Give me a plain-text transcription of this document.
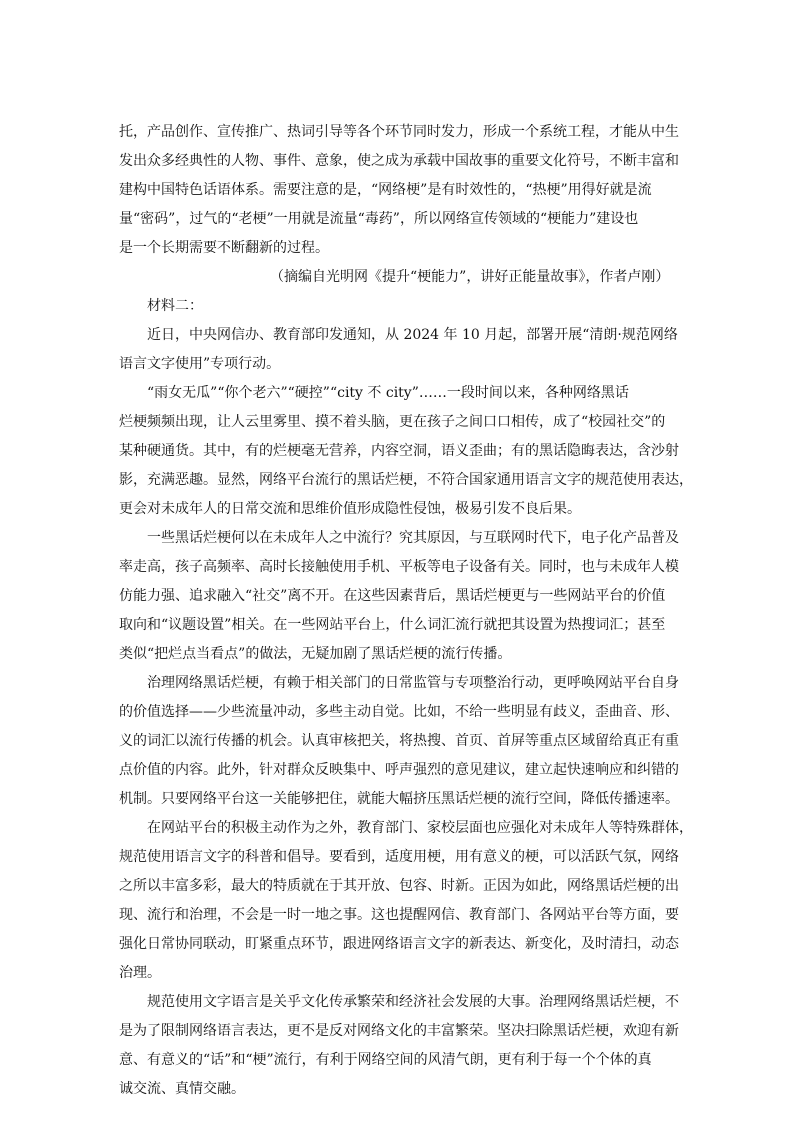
托，产品创作、宣传推广、热词引导等各个环节同时发力，形成一个系统工程，才能从中生
发出众多经典性的人物、事件、意象，使之成为承载中国故事的重要文化符号，不断丰富和
建构中国特色话语体系。需要注意的是，“网络梗”是有时效性的，“热梗”用得好就是流
量“密码”，过气的“老梗”一用就是流量“毒药”，所以网络宣传领域的“梗能力”建设也
是一个长期需要不断翻新的过程。
（摘编自光明网《提升“梗能力”，讲好正能量故事》，作者卢刚）
材料二：
近日，中央网信办、教育部印发通知，从 2024 年 10 月起，部署开展“清朗·规范网络
语言文字使用”专项行动。
“雨女无瓜”“你个老六”“硬控”“city 不 city”……一段时间以来，各种网络黑话
烂梗频频出现，让人云里雾里、摸不着头脑，更在孩子之间口口相传，成了“校园社交”的
某种硬通货。其中，有的烂梗毫无营养，内容空洞，语义歪曲；有的黑话隐晦表达，含沙射
影，充满恶趣。显然，网络平台流行的黑话烂梗，不符合国家通用语言文字的规范使用表达，
更会对未成年人的日常交流和思维价值形成隐性侵蚀，极易引发不良后果。
一些黑话烂梗何以在未成年人之中流行？究其原因，与互联网时代下，电子化产品普及
率走高，孩子高频率、高时长接触使用手机、平板等电子设备有关。同时，也与未成年人模
仿能力强、追求融入“社交”离不开。在这些因素背后，黑话烂梗更与一些网站平台的价值
取向和“议题设置”相关。在一些网站平台上，什么词汇流行就把其设置为热搜词汇；甚至
类似“把烂点当看点”的做法，无疑加剧了黑话烂梗的流行传播。
治理网络黑话烂梗，有赖于相关部门的日常监管与专项整治行动，更呼唤网站平台自身
的价值选择——少些流量冲动，多些主动自觉。比如，不给一些明显有歧义，歪曲音、形、
义的词汇以流行传播的机会。认真审核把关，将热搜、首页、首屏等重点区域留给真正有重
点价值的内容。此外，针对群众反映集中、呼声强烈的意见建议，建立起快速响应和纠错的
机制。只要网络平台这一关能够把住，就能大幅挤压黑话烂梗的流行空间，降低传播速率。
在网站平台的积极主动作为之外，教育部门、家校层面也应强化对未成年人等特殊群体，
规范使用语言文字的科普和倡导。要看到，适度用梗，用有意义的梗，可以活跃气氛，网络
之所以丰富多彩，最大的特质就在于其开放、包容、时新。正因为如此，网络黑话烂梗的出
现、流行和治理，不会是一时一地之事。这也提醒网信、教育部门、各网站平台等方面，要
强化日常协同联动，盯紧重点环节，跟进网络语言文字的新表达、新变化，及时清扫，动态
治理。
规范使用文字语言是关乎文化传承繁荣和经济社会发展的大事。治理网络黑话烂梗，不
是为了限制网络语言表达，更不是反对网络文化的丰富繁荣。坚决扫除黑话烂梗，欢迎有新
意、有意义的“话”和“梗”流行，有利于网络空间的风清气朗，更有利于每一个个体的真
诚交流、真情交融。
